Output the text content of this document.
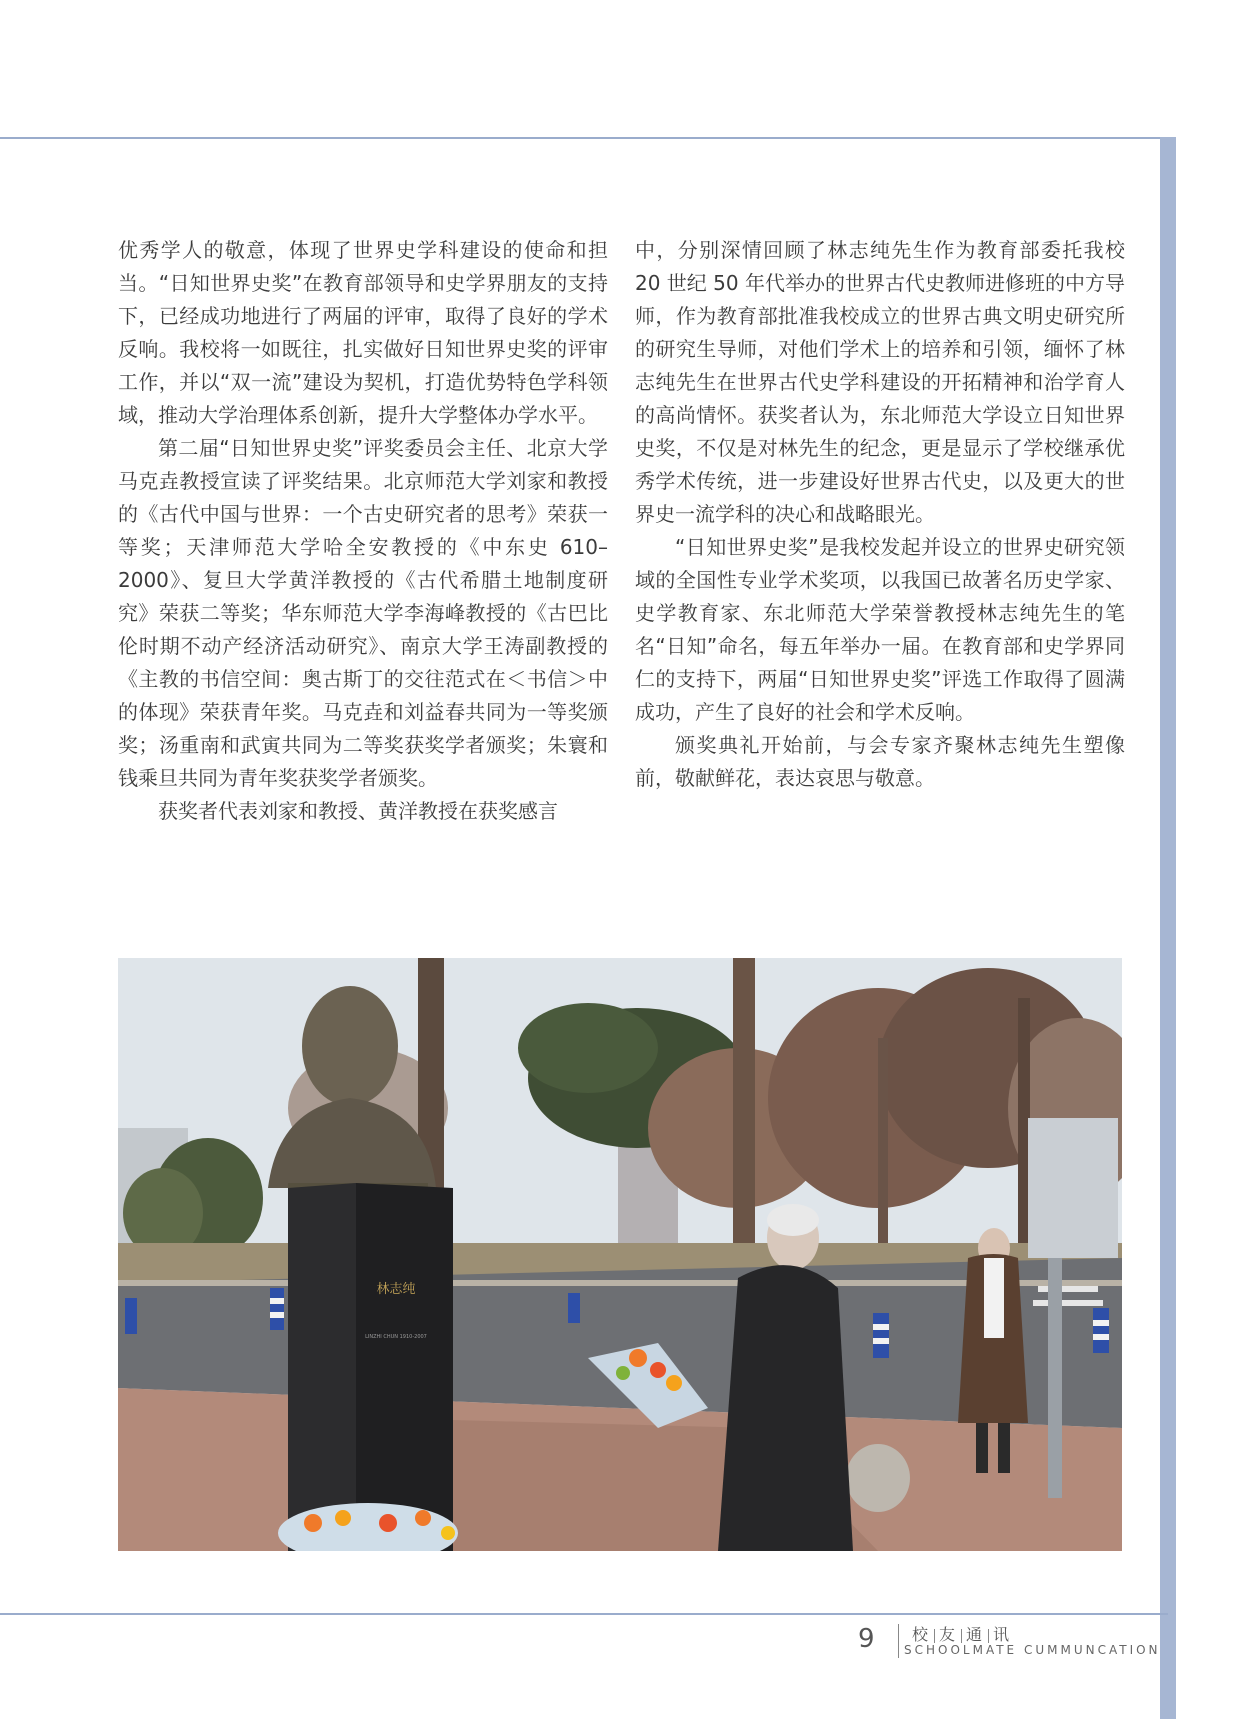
优秀学人的敬意，体现了世界史学科建设的使命和担当。“日知世界史奖”在教育部领导和史学界朋友的支持下，已经成功地进行了两届的评审，取得了良好的学术反响。我校将一如既往，扎实做好日知世界史奖的评审工作，并以“双一流”建设为契机，打造优势特色学科领域，推动大学治理体系创新，提升大学整体办学水平。

第二届“日知世界史奖”评奖委员会主任、北京大学马克垚教授宣读了评奖结果。北京师范大学刘家和教授的《古代中国与世界：一个古史研究者的思考》荣获一等奖；天津师范大学哈全安教授的《中东史 610–2000》、复旦大学黄洋教授的《古代希腊土地制度研究》荣获二等奖；华东师范大学李海峰教授的《古巴比伦时期不动产经济活动研究》、南京大学王涛副教授的《主教的书信空间：奥古斯丁的交往范式在＜书信＞中的体现》荣获青年奖。马克垚和刘益春共同为一等奖颁奖；汤重南和武寅共同为二等奖获奖学者颁奖；朱寰和钱乘旦共同为青年奖获奖学者颁奖。

获奖者代表刘家和教授、黄洋教授在获奖感言

中，分别深情回顾了林志纯先生作为教育部委托我校 20 世纪 50 年代举办的世界古代史教师进修班的中方导师，作为教育部批准我校成立的世界古典文明史研究所的研究生导师，对他们学术上的培养和引领，缅怀了林志纯先生在世界古代史学科建设的开拓精神和治学育人的高尚情怀。获奖者认为，东北师范大学设立日知世界史奖，不仅是对林先生的纪念，更是显示了学校继承优秀学术传统，进一步建设好世界古代史，以及更大的世界史一流学科的决心和战略眼光。

“日知世界史奖”是我校发起并设立的世界史研究领域的全国性专业学术奖项，以我国已故著名历史学家、史学教育家、东北师范大学荣誉教授林志纯先生的笔名“日知”命名，每五年举办一届。在教育部和史学界同仁的支持下，两届“日知世界史奖”评选工作取得了圆满成功，产生了良好的社会和学术反响。

颁奖典礼开始前，与会专家齐聚林志纯先生塑像前，敬献鲜花，表达哀思与敬意。

林志纯
LINZHI CHUN 1910-2007
9 校 友 通 讯
SCHOOLMATE CUMMUNCATION
